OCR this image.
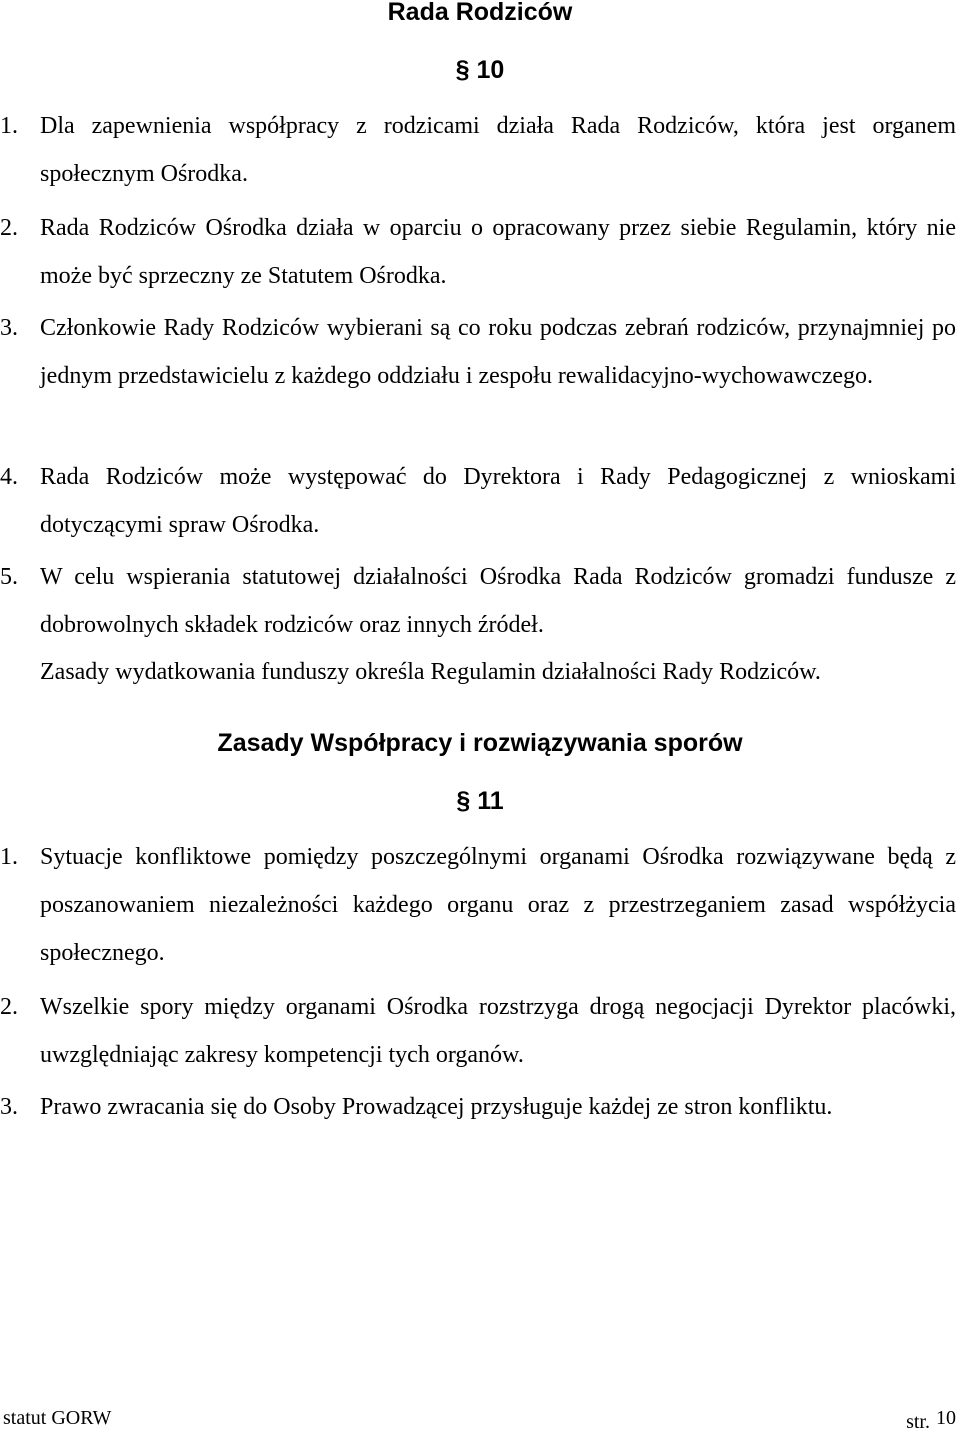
Rada Rodziców
§ 10
1. Dla zapewnienia współpracy z rodzicami działa Rada Rodziców, która jest organem społecznym Ośrodka.
2. Rada Rodziców Ośrodka działa w oparciu o opracowany przez siebie Regulamin, który nie może być sprzeczny ze Statutem Ośrodka.
3. Członkowie Rady Rodziców wybierani są co roku podczas zebrań rodziców, przynajmniej po jednym przedstawicielu z każdego oddziału i zespołu rewalidacyjno-wychowawczego.
4. Rada Rodziców może występować do Dyrektora i Rady Pedagogicznej z wnioskami dotyczącymi spraw Ośrodka.
5. W celu wspierania statutowej działalności Ośrodka Rada Rodziców gromadzi fundusze z dobrowolnych składek rodziców oraz innych źródeł.
Zasady wydatkowania funduszy określa Regulamin działalności Rady Rodziców.
Zasady Współpracy i rozwiązywania sporów
§ 11
1. Sytuacje konfliktowe pomiędzy poszczególnymi organami Ośrodka rozwiązywane będą z poszanowaniem niezależności każdego organu oraz z przestrzeganiem zasad współżycia społecznego.
2. Wszelkie spory między organami Ośrodka rozstrzyga drogą negocjacji Dyrektor placówki, uwzględniając zakresy kompetencji tych organów.
3. Prawo zwracania się do Osoby Prowadzącej przysługuje każdej ze stron konfliktu.
statut GORW	str. 10
